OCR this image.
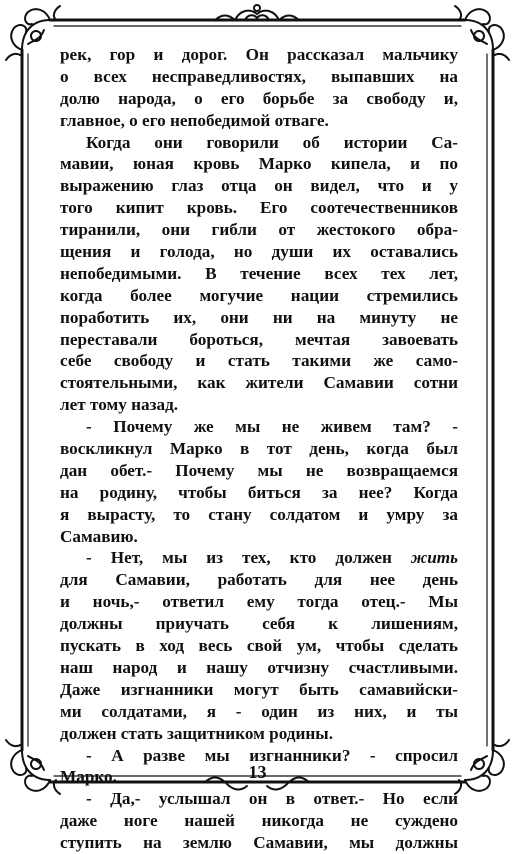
рек, гор и дорог. Он рассказал мальчику
о всех несправедливостях, выпавших на
долю народа, о его борьбе за свободу и,
главное, о его непобедимой отваге.
Когда они говорили об истории Са-
мавии, юная кровь Марко кипела, и по
выражению глаз отца он видел, что и у
того кипит кровь. Его соотечественников
тиранили, они гибли от жестокого обра-
щения и голода, но души их оставались
непобедимыми. В течение всех тех лет,
когда более могучие нации стремились
поработить их, они ни на минуту не
переставали бороться, мечтая завоевать
себе свободу и стать такими же само-
стоятельными, как жители Самавии сотни
лет тому назад.
- Почему же мы не живем там? -
воскликнул Марко в тот день, когда был
дан обет.- Почему мы не возвращаемся
на родину, чтобы биться за нее? Когда
я вырасту, то стану солдатом и умру за
Самавию.
- Нет, мы из тех, кто должен жить
для Самавии, работать для нее день
и ночь,- ответил ему тогда отец.- Мы
должны приучать себя к лишениям,
пускать в ход весь свой ум, чтобы сделать
наш народ и нашу отчизну счастливыми.
Даже изгнанники могут быть самавийски-
ми солдатами, я - один из них, и ты
должен стать защитником родины.
- А разве мы изгнанники? - спросил
Марко.
- Да,- услышал он в ответ.- Но если
даже ноге нашей никогда не суждено
ступить на землю Самавии, мы должны
13
